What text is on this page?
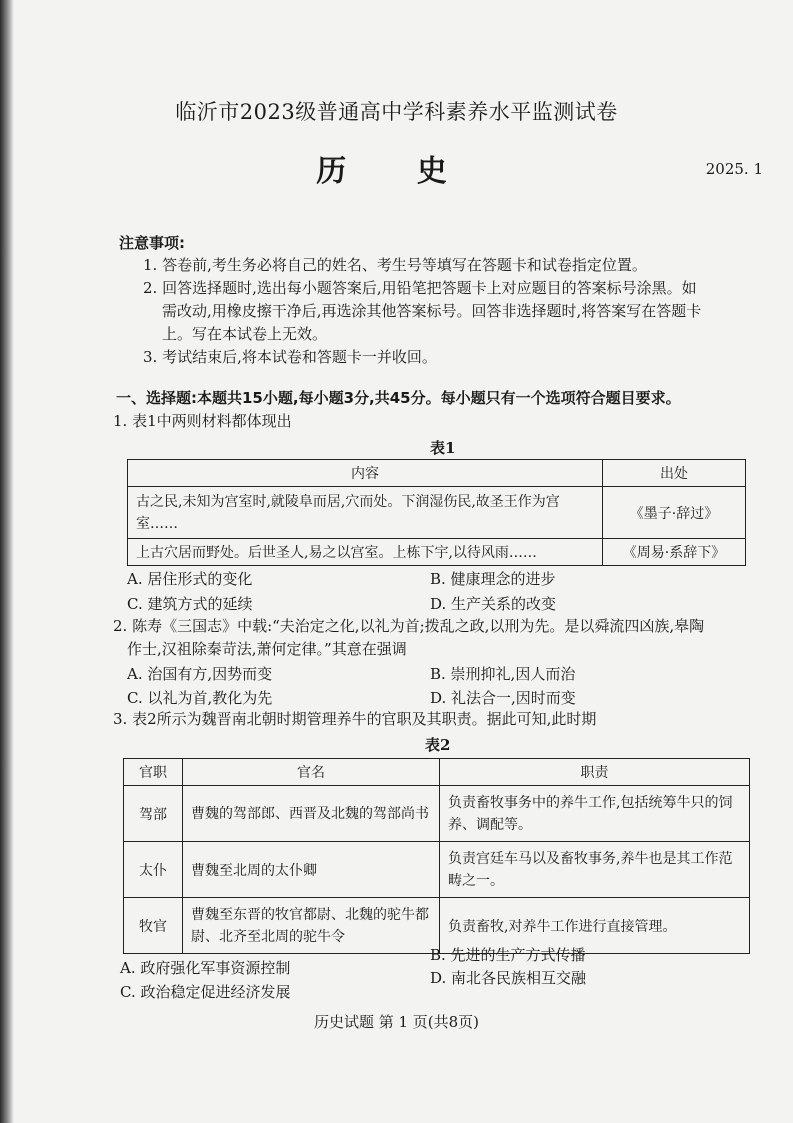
临沂市2023级普通高中学科素养水平监测试卷
历 史	2025. 1
注意事项:
1. 答卷前,考生务必将自己的姓名、考生号等填写在答题卡和试卷指定位置。
2. 回答选择题时,选出每小题答案后,用铅笔把答题卡上对应题目的答案标号涂黑。如
需改动,用橡皮擦干净后,再选涂其他答案标号。回答非选择题时,将答案写在答题卡
上。写在本试卷上无效。
3. 考试结束后,将本试卷和答题卡一并收回。
一、选择题:本题共15小题,每小题3分,共45分。每小题只有一个选项符合题目要求。
1. 表1中两则材料都体现出
表1
内容	出处
古之民,未知为宫室时,就陵阜而居,穴而处。下润湿伤民,故圣王作为宫室……	《墨子·辞过》
上古穴居而野处。后世圣人,易之以宫室。上栋下宇,以待风雨……	《周易·系辞下》
A. 居住形式的变化	B. 健康理念的进步
C. 建筑方式的延续	D. 生产关系的改变
2. 陈寿《三国志》中载:“夫治定之化,以礼为首;拨乱之政,以刑为先。是以舜流四凶族,皋陶
作士,汉祖除秦苛法,萧何定律。”其意在强调
A. 治国有方,因势而变	B. 崇刑抑礼,因人而治
C. 以礼为首,教化为先	D. 礼法合一,因时而变
3. 表2所示为魏晋南北朝时期管理养牛的官职及其职责。据此可知,此时期
表2
官职	官名	职责
驾部	曹魏的驾部郎、西晋及北魏的驾部尚书	负责畜牧事务中的养牛工作,包括统筹牛只的饲养、调配等。
太仆	曹魏至北周的太仆卿	负责宫廷车马以及畜牧事务,养牛也是其工作范畴之一。
牧官	曹魏至东晋的牧官都尉、北魏的驼牛都尉、北齐至北周的驼牛令	负责畜牧,对养牛工作进行直接管理。
A. 政府强化军事资源控制
B. 先进的生产方式传播
C. 政治稳定促进经济发展
D. 南北各民族相互交融
历史试题 第 1 页(共8页)
